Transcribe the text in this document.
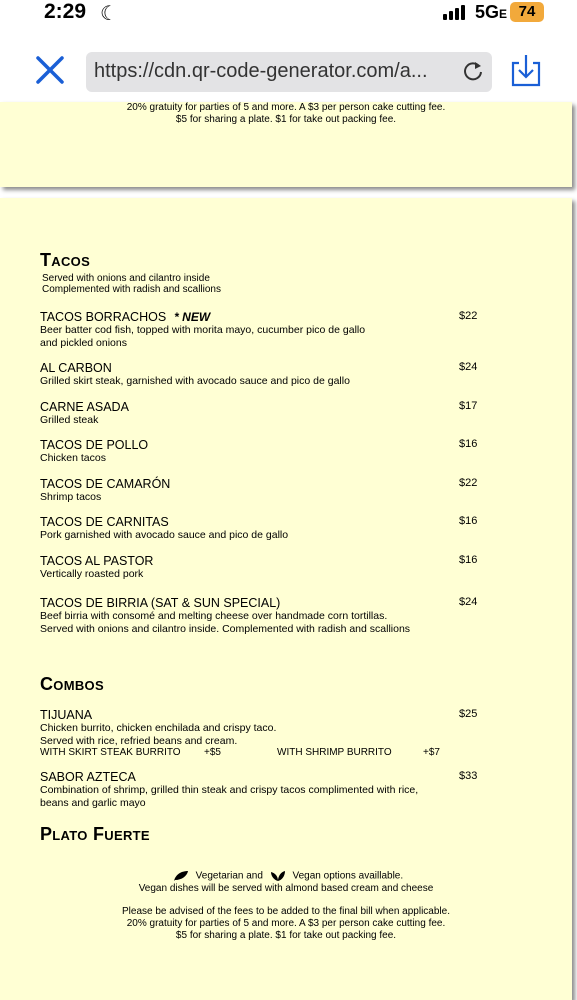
2:29 ☾	5GE 74
https://cdn.qr-code-generator.com/a...
20% gratuity for parties of 5 and more. A $3 per person cake cutting fee.
$5 for sharing a plate. $1 for take out packing fee.
Tacos
Served with onions and cilantro inside
Complemented with radish and scallions
TACOS BORRACHOS * NEW
Beer batter cod fish, topped with morita mayo, cucumber pico de gallo
and pickled onions
$22
AL CARBON
Grilled skirt steak, garnished with avocado sauce and pico de gallo
$24
CARNE ASADA
Grilled steak
$17
TACOS DE POLLO
Chicken tacos
$16
TACOS DE CAMARÓN
Shrimp tacos
$22
TACOS DE CARNITAS
Pork garnished with avocado sauce and pico de gallo
$16
TACOS AL PASTOR
Vertically roasted pork
$16
TACOS DE BIRRIA (SAT & SUN SPECIAL)
Beef birria with consomé and melting cheese over handmade corn tortillas.
Served with onions and cilantro inside. Complemented with radish and scallions
$24
Combos
TIJUANA
Chicken burrito, chicken enchilada and crispy taco.
Served with rice, refried beans and cream.
WITH SKIRT STEAK BURRITO +$5	WITH SHRIMP BURRITO	+$7
$25
SABOR AZTECA
Combination of shrimp, grilled thin steak and crispy tacos complimented with rice,
beans and garlic mayo
$33
Plato Fuerte
Vegetarian and	Vegan options availlable.
Vegan dishes will be served with almond based cream and cheese
Please be advised of the fees to be added to the final bill when applicable.
20% gratuity for parties of 5 and more. A $3 per person cake cutting fee.
$5 for sharing a plate. $1 for take out packing fee.
